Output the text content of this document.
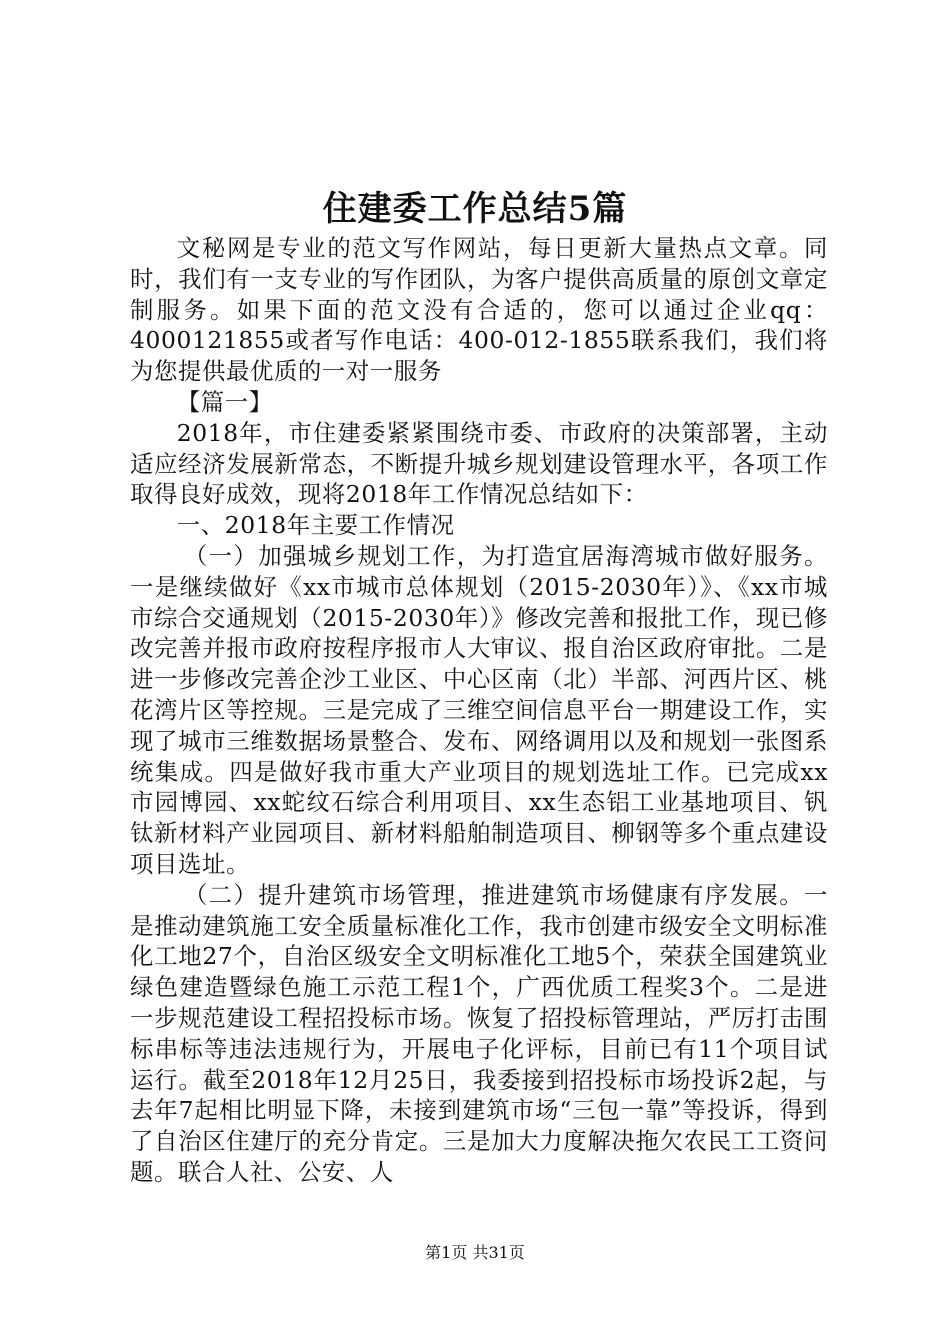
住建委工作总结5篇

文秘网是专业的范文写作网站，每日更新大量热点文章。同时，我们有一支专业的写作团队，为客户提供高质量的原创文章定制服务。如果下面的范文没有合适的，您可以通过企业qq：4000121855或者写作电话：400-012-1855联系我们，我们将为您提供最优质的一对一服务

【篇一】

2018年，市住建委紧紧围绕市委、市政府的决策部署，主动适应经济发展新常态，不断提升城乡规划建设管理水平，各项工作取得良好成效，现将2018年工作情况总结如下：

一、2018年主要工作情况

（一）加强城乡规划工作，为打造宜居海湾城市做好服务。一是继续做好《xx市城市总体规划（2015-2030年）》、《xx市城市综合交通规划（2015-2030年）》修改完善和报批工作，现已修改完善并报市政府按程序报市人大审议、报自治区政府审批。二是进一步修改完善企沙工业区、中心区南（北）半部、河西片区、桃花湾片区等控规。三是完成了三维空间信息平台一期建设工作，实现了城市三维数据场景整合、发布、网络调用以及和规划一张图系统集成。四是做好我市重大产业项目的规划选址工作。已完成xx市园博园、xx蛇纹石综合利用项目、xx生态铝工业基地项目、钒钛新材料产业园项目、新材料船舶制造项目、柳钢等多个重点建设项目选址。

（二）提升建筑市场管理，推进建筑市场健康有序发展。一是推动建筑施工安全质量标准化工作，我市创建市级安全文明标准化工地27个，自治区级安全文明标准化工地5个，荣获全国建筑业绿色建造暨绿色施工示范工程1个，广西优质工程奖3个。二是进一步规范建设工程招投标市场。恢复了招投标管理站，严厉打击围标串标等违法违规行为，开展电子化评标，目前已有11个项目试运行。截至2018年12月25日，我委接到招投标市场投诉2起，与去年7起相比明显下降，未接到建筑市场“三包一靠”等投诉，得到了自治区住建厅的充分肯定。三是加大力度解决拖欠农民工工资问题。联合人社、公安、人

第1页 共31页
